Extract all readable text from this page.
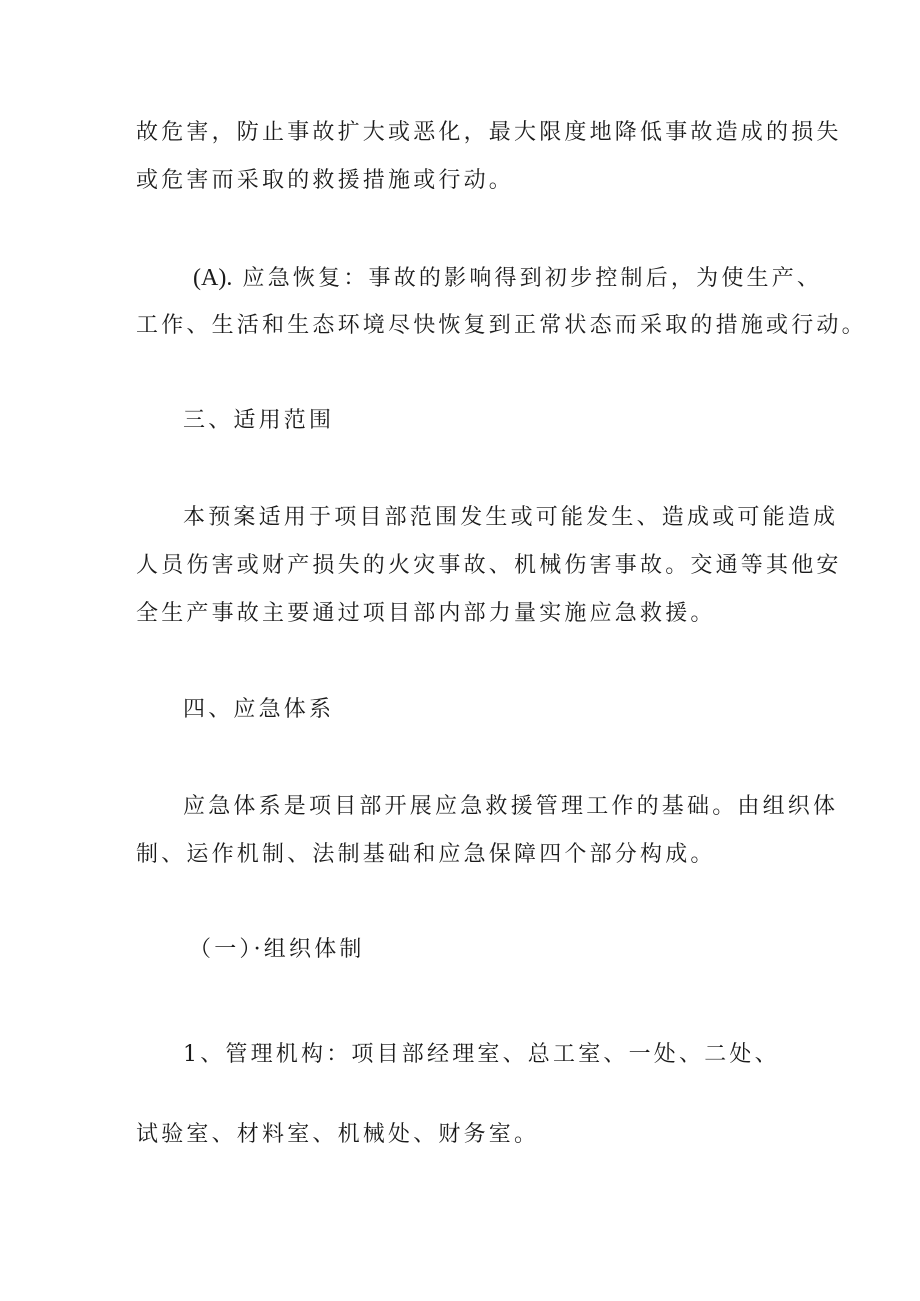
故危害，防止事故扩大或恶化，最大限度地降低事故造成的损失
或危害而采取的救援措施或行动。
(A). 应急恢复：事故的影响得到初步控制后，为使生产、
工作、生活和生态环境尽快恢复到正常状态而采取的措施或行动。
三、适用范围
本预案适用于项目部范围发生或可能发生、造成或可能造成
人员伤害或财产损失的火灾事故、机械伤害事故。交通等其他安
全生产事故主要通过项目部内部力量实施应急救援。
四、应急体系
应急体系是项目部开展应急救援管理工作的基础。由组织体
制、运作机制、法制基础和应急保障四个部分构成。
（一）·组织体制
1、管理机构：项目部经理室、总工室、一处、二处、
试验室、材料室、机械处、财务室。
